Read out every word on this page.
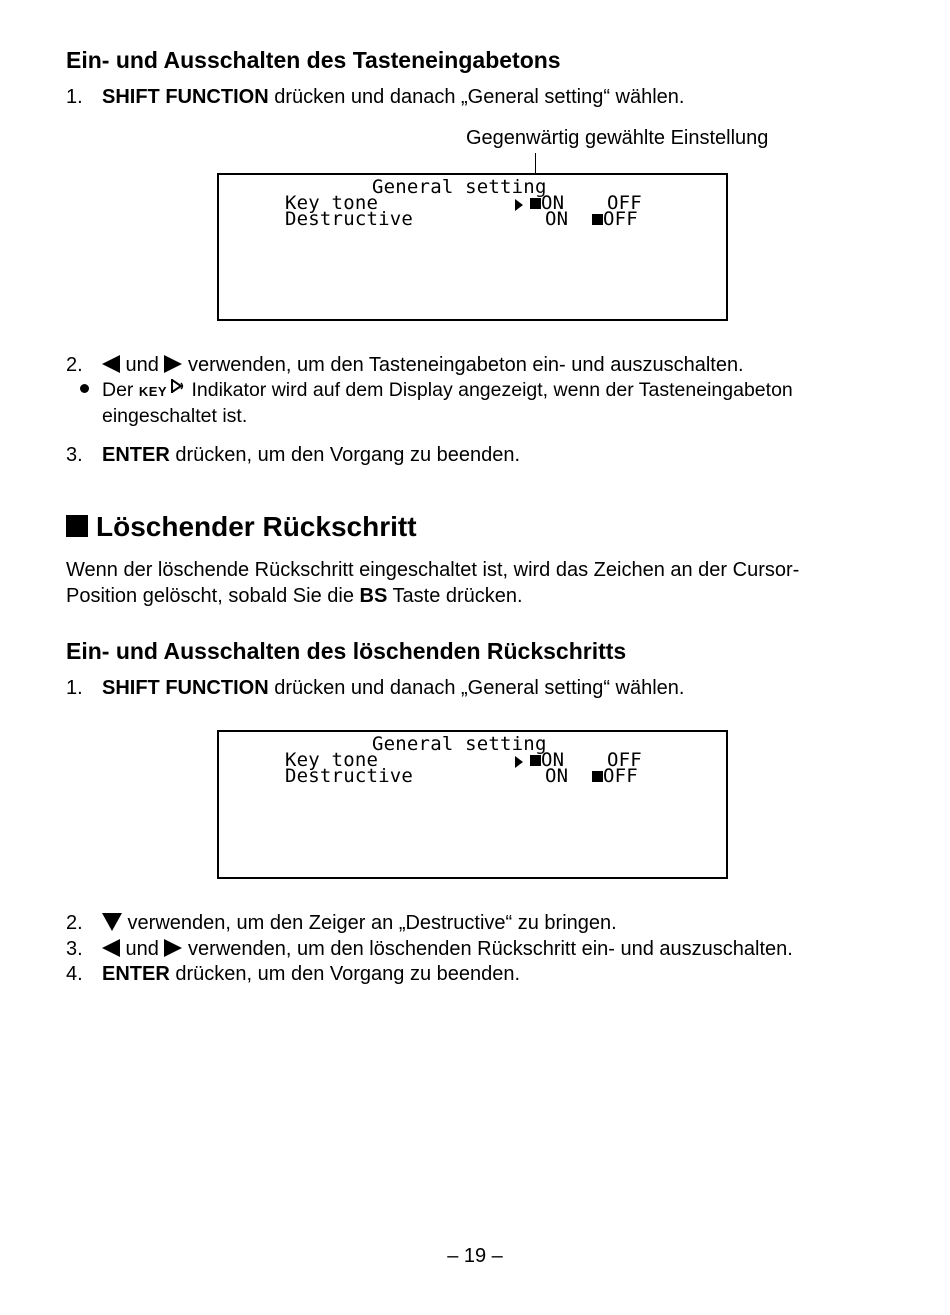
Ein- und Ausschalten des Tasteneingabetons
1. SHIFT FUNCTION drücken und danach „General setting“ wählen.
Gegenwärtig gewählte Einstellung
General setting
Key tone	ON OFF
Destructive	ON	OFF
2. und  verwenden, um den Tasteneingabeton ein- und auszuschalten.
Der KEY Indikator wird auf dem Display angezeigt, wenn der Tasteneingabeton
eingeschaltet ist.
3. ENTER drücken, um den Vorgang zu beenden.
Löschender Rückschritt
Wenn der löschende Rückschritt eingeschaltet ist, wird das Zeichen an der Cursor-
Position gelöscht, sobald Sie die BS Taste drücken.
Ein- und Ausschalten des löschenden Rückschritts
1. SHIFT FUNCTION drücken und danach „General setting“ wählen.
General setting
Key tone	ON OFF
Destructive	ON	OFF
2. verwenden, um den Zeiger an „Destructive“ zu bringen.
3. und  verwenden, um den löschenden Rückschritt ein- und auszuschalten.
4. ENTER drücken, um den Vorgang zu beenden.
– 19 –
